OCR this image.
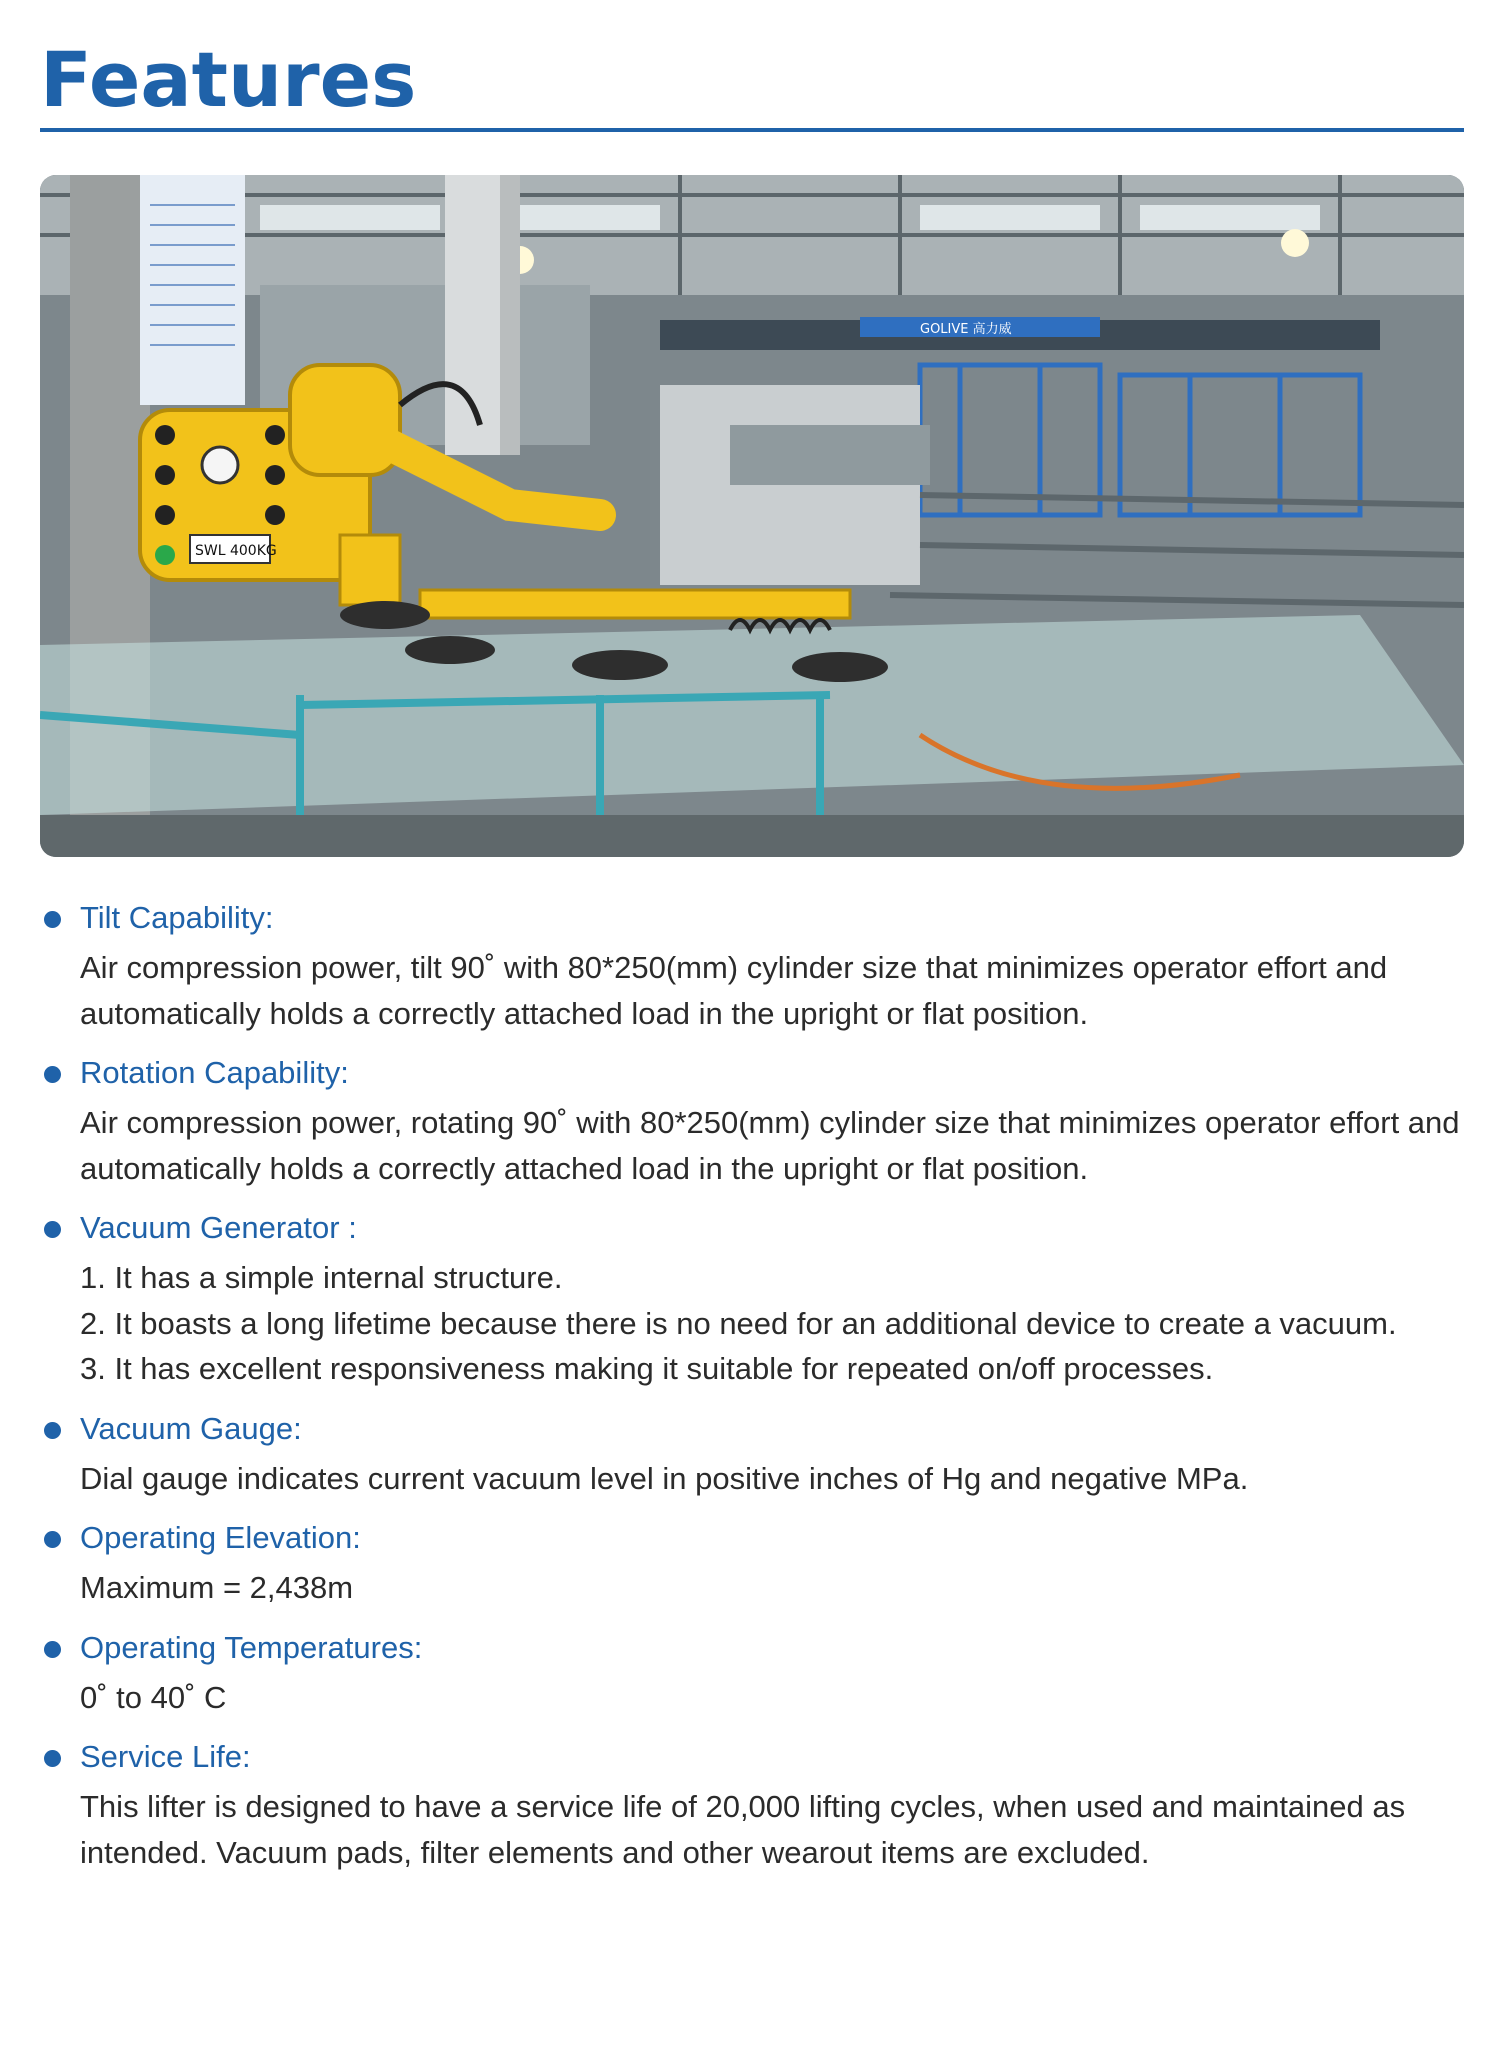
Features
GOLIVE 高力威
SWL 400KG
Tilt Capability:

Air compression power, tilt 90˚ with 80*250(mm) cylinder size that minimizes operator effort and automatically holds a correctly attached load in the upright or flat position.

Rotation Capability:

Air compression power, rotating 90˚ with 80*250(mm) cylinder size that minimizes operator effort and automatically holds a correctly attached load in the upright or flat position.

Vacuum Generator :

1. It has a simple internal structure.

2. It boasts a long lifetime because there is no need for an additional device to create a vacuum.

3. It has excellent responsiveness making it suitable for repeated on/off processes.

Vacuum Gauge:

Dial gauge indicates current vacuum level in positive inches of Hg and negative MPa.

Operating Elevation:

Maximum = 2,438m

Operating Temperatures:

0˚ to 40˚ C

Service Life:

This lifter is designed to have a service life of 20,000 lifting cycles, when used and maintained as intended. Vacuum pads, filter elements and other wearout items are excluded.
